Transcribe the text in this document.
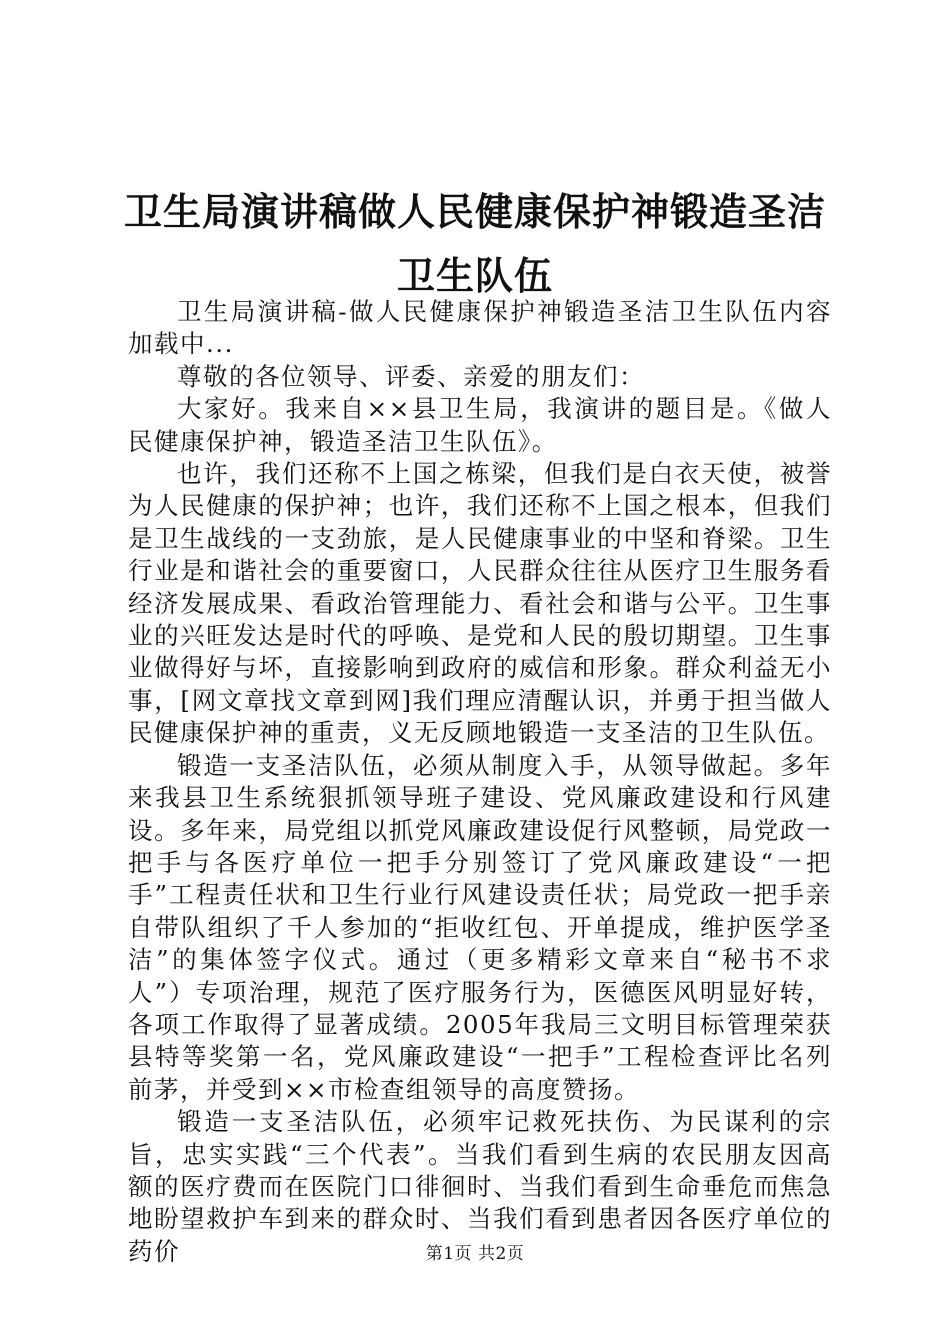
卫生局演讲稿做人民健康保护神锻造圣洁卫生队伍

卫生局演讲稿-做人民健康保护神锻造圣洁卫生队伍内容加载中...

尊敬的各位领导、评委、亲爱的朋友们：

大家好。我来自××县卫生局，我演讲的题目是。《做人民健康保护神，锻造圣洁卫生队伍》。

也许，我们还称不上国之栋梁，但我们是白衣天使，被誉为人民健康的保护神；也许，我们还称不上国之根本，但我们是卫生战线的一支劲旅，是人民健康事业的中坚和脊梁。卫生行业是和谐社会的重要窗口，人民群众往往从医疗卫生服务看经济发展成果、看政治管理能力、看社会和谐与公平。卫生事业的兴旺发达是时代的呼唤、是党和人民的殷切期望。卫生事业做得好与坏，直接影响到政府的威信和形象。群众利益无小事，[网文章找文章到网]我们理应清醒认识，并勇于担当做人民健康保护神的重责，义无反顾地锻造一支圣洁的卫生队伍。

锻造一支圣洁队伍，必须从制度入手，从领导做起。多年来我县卫生系统狠抓领导班子建设、党风廉政建设和行风建设。多年来，局党组以抓党风廉政建设促行风整顿，局党政一把手与各医疗单位一把手分别签订了党风廉政建设“一把手”工程责任状和卫生行业行风建设责任状；局党政一把手亲自带队组织了千人参加的“拒收红包、开单提成，维护医学圣洁”的集体签字仪式。通过（更多精彩文章来自“秘书不求人”）专项治理，规范了医疗服务行为，医德医风明显好转，各项工作取得了显著成绩。2005年我局三文明目标管理荣获县特等奖第一名，党风廉政建设“一把手”工程检查评比名列前茅，并受到××市检查组领导的高度赞扬。

锻造一支圣洁队伍，必须牢记救死扶伤、为民谋利的宗旨，忠实实践“三个代表”。当我们看到生病的农民朋友因高额的医疗费而在医院门口徘徊时、当我们看到生命垂危而焦急地盼望救护车到来的群众时、当我们看到患者因各医疗单位的药价	第1页 共2页
